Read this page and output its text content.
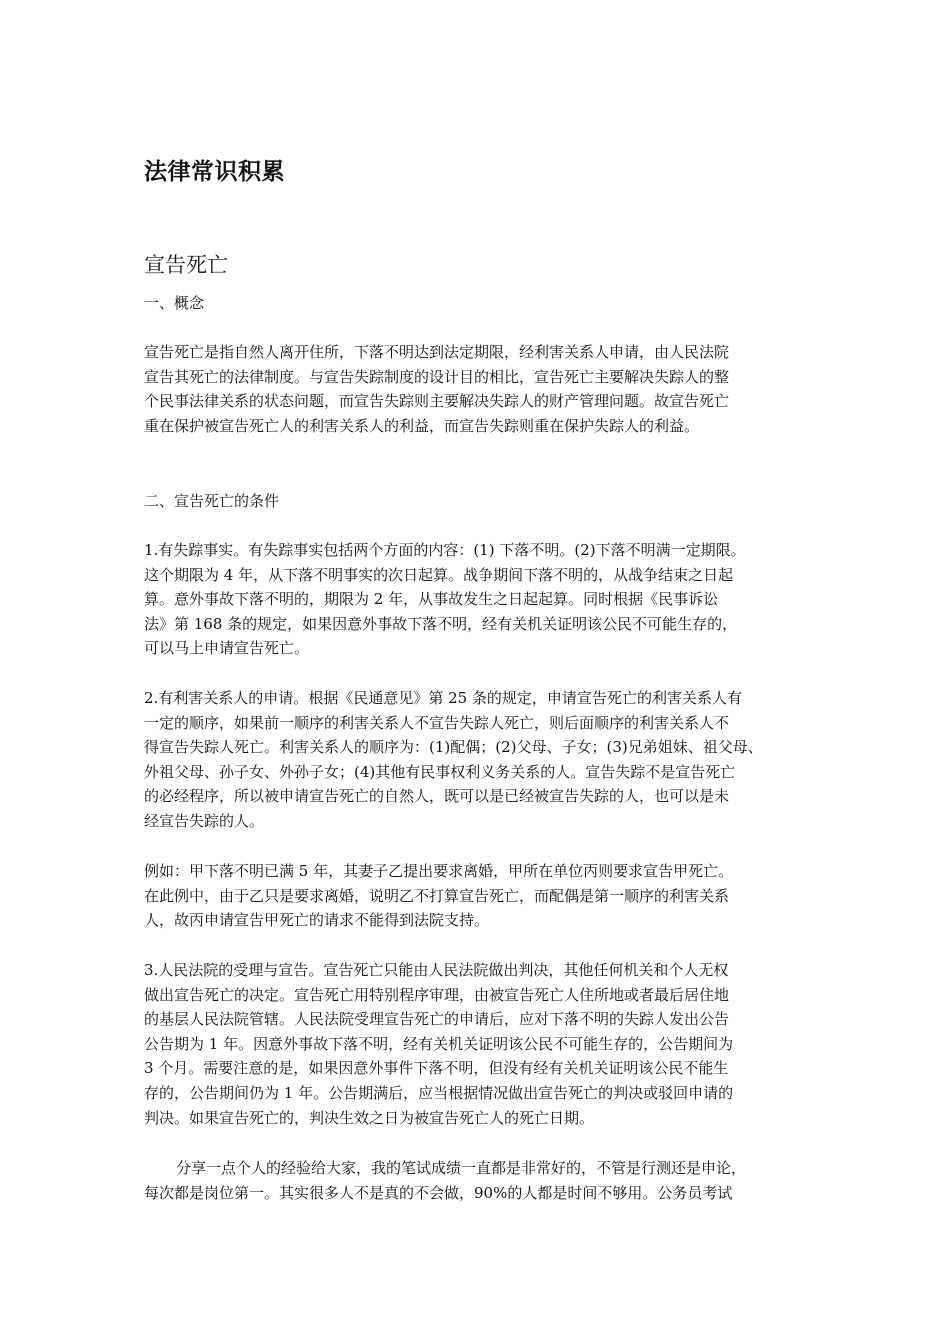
法律常识积累
宣告死亡

一、概念

宣告死亡是指自然人离开住所，下落不明达到法定期限，经利害关系人申请，由人民法院
宣告其死亡的法律制度。与宣告失踪制度的设计目的相比，宣告死亡主要解决失踪人的整
个民事法律关系的状态问题，而宣告失踪则主要解决失踪人的财产管理问题。故宣告死亡
重在保护被宣告死亡人的利害关系人的利益，而宣告失踪则重在保护失踪人的利益。

二、宣告死亡的条件

1.有失踪事实。有失踪事实包括两个方面的内容：(1) 下落不明。(2)下落不明满一定期限。
这个期限为 4 年，从下落不明事实的次日起算。战争期间下落不明的，从战争结束之日起
算。意外事故下落不明的，期限为 2 年，从事故发生之日起起算。同时根据《民事诉讼
法》第 168 条的规定，如果因意外事故下落不明，经有关机关证明该公民不可能生存的，
可以马上申请宣告死亡。

2.有利害关系人的申请。根据《民通意见》第 25 条的规定，申请宣告死亡的利害关系人有
一定的顺序，如果前一顺序的利害关系人不宣告失踪人死亡，则后面顺序的利害关系人不
得宣告失踪人死亡。利害关系人的顺序为：(1)配偶；(2)父母、子女；(3)兄弟姐妹、祖父母、
外祖父母、孙子女、外孙子女；(4)其他有民事权利义务关系的人。宣告失踪不是宣告死亡
的必经程序，所以被申请宣告死亡的自然人，既可以是已经被宣告失踪的人，也可以是未
经宣告失踪的人。

例如：甲下落不明已满 5 年，其妻子乙提出要求离婚，甲所在单位丙则要求宣告甲死亡。
在此例中，由于乙只是要求离婚，说明乙不打算宣告死亡，而配偶是第一顺序的利害关系
人，故丙申请宣告甲死亡的请求不能得到法院支持。

3.人民法院的受理与宣告。宣告死亡只能由人民法院做出判决，其他任何机关和个人无权
做出宣告死亡的决定。宣告死亡用特别程序审理，由被宣告死亡人住所地或者最后居住地
的基层人民法院管辖。人民法院受理宣告死亡的申请后，应对下落不明的失踪人发出公告
公告期为 1 年。因意外事故下落不明，经有关机关证明该公民不可能生存的，公告期间为
3 个月。需要注意的是，如果因意外事件下落不明，但没有经有关机关证明该公民不能生
存的，公告期间仍为 1 年。公告期满后，应当根据情况做出宣告死亡的判决或驳回申请的
判决。如果宣告死亡的，判决生效之日为被宣告死亡人的死亡日期。

分享一点个人的经验给大家，我的笔试成绩一直都是非常好的，不管是行测还是申论，
每次都是岗位第一。其实很多人不是真的不会做，90%的人都是时间不够用。公务员考试
